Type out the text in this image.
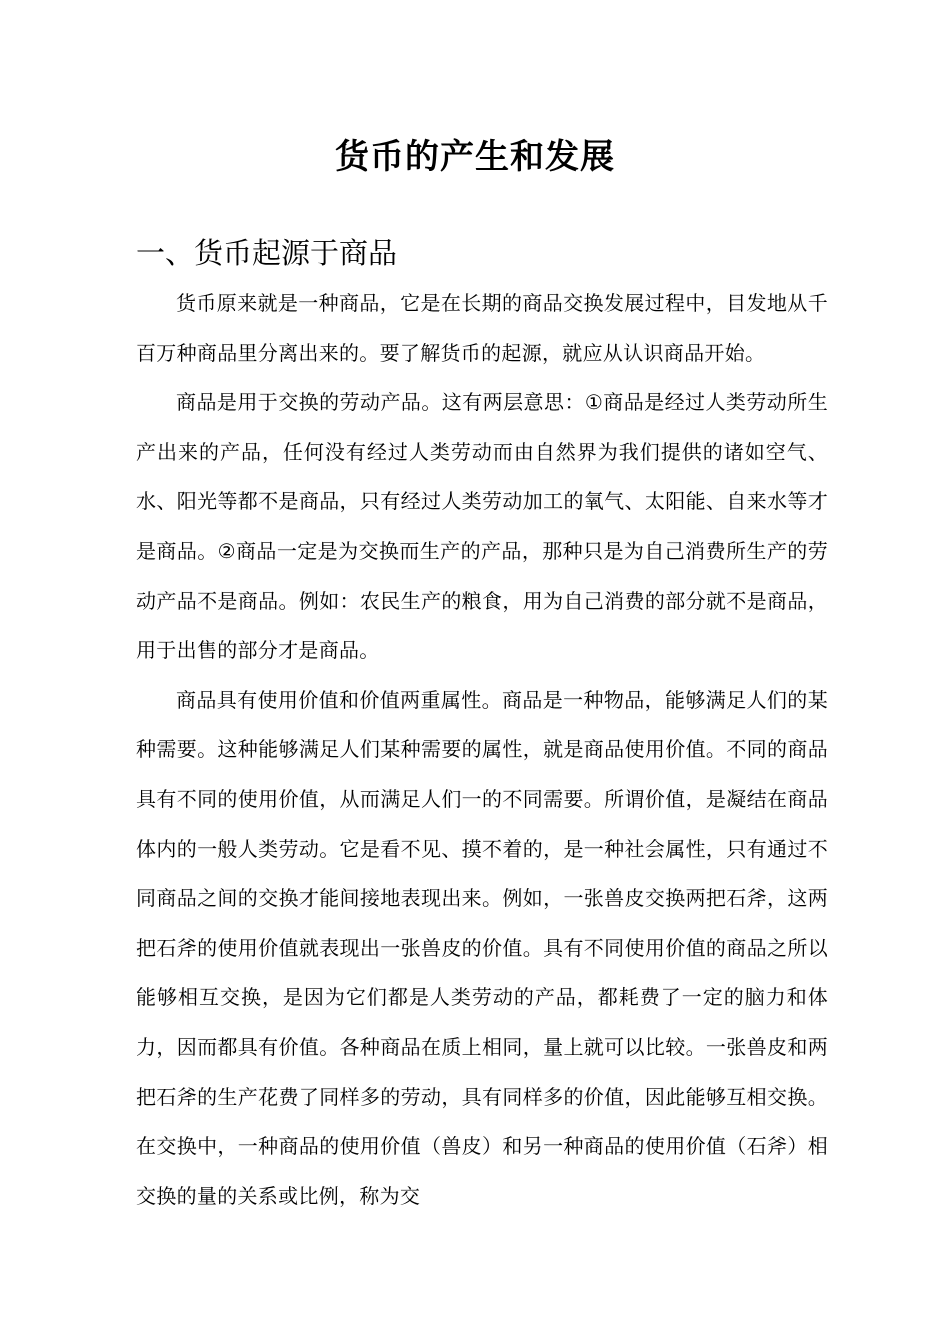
货币的产生和发展
一、货币起源于商品

货币原来就是一种商品，它是在长期的商品交换发展过程中，目发地从千百万种商品里分离出来的。要了解货币的起源，就应从认识商品开始。

商品是用于交换的劳动产品。这有两层意思：①商品是经过人类劳动所生产出来的产品，任何没有经过人类劳动而由自然界为我们提供的诸如空气、水、阳光等都不是商品，只有经过人类劳动加工的氧气、太阳能、自来水等才是商品。②商品一定是为交换而生产的产品，那种只是为自己消费所生产的劳动产品不是商品。例如：农民生产的粮食，用为自己消费的部分就不是商品，用于出售的部分才是商品。

商品具有使用价值和价值两重属性。商品是一种物品，能够满足人们的某种需要。这种能够满足人们某种需要的属性，就是商品使用价值。不同的商品具有不同的使用价值，从而满足人们一的不同需要。所谓价值，是凝结在商品体内的一般人类劳动。它是看不见、摸不着的，是一种社会属性，只有通过不同商品之间的交换才能间接地表现出来。例如，一张兽皮交换两把石斧，这两把石斧的使用价值就表现出一张兽皮的价值。具有不同使用价值的商品之所以能够相互交换，是因为它们都是人类劳动的产品，都耗费了一定的脑力和体力，因而都具有价值。各种商品在质上相同，量上就可以比较。一张兽皮和两把石斧的生产花费了同样多的劳动，具有同样多的价值，因此能够互相交换。在交换中，一种商品的使用价值（兽皮）和另一种商品的使用价值（石斧）相交换的量的关系或比例，称为交
